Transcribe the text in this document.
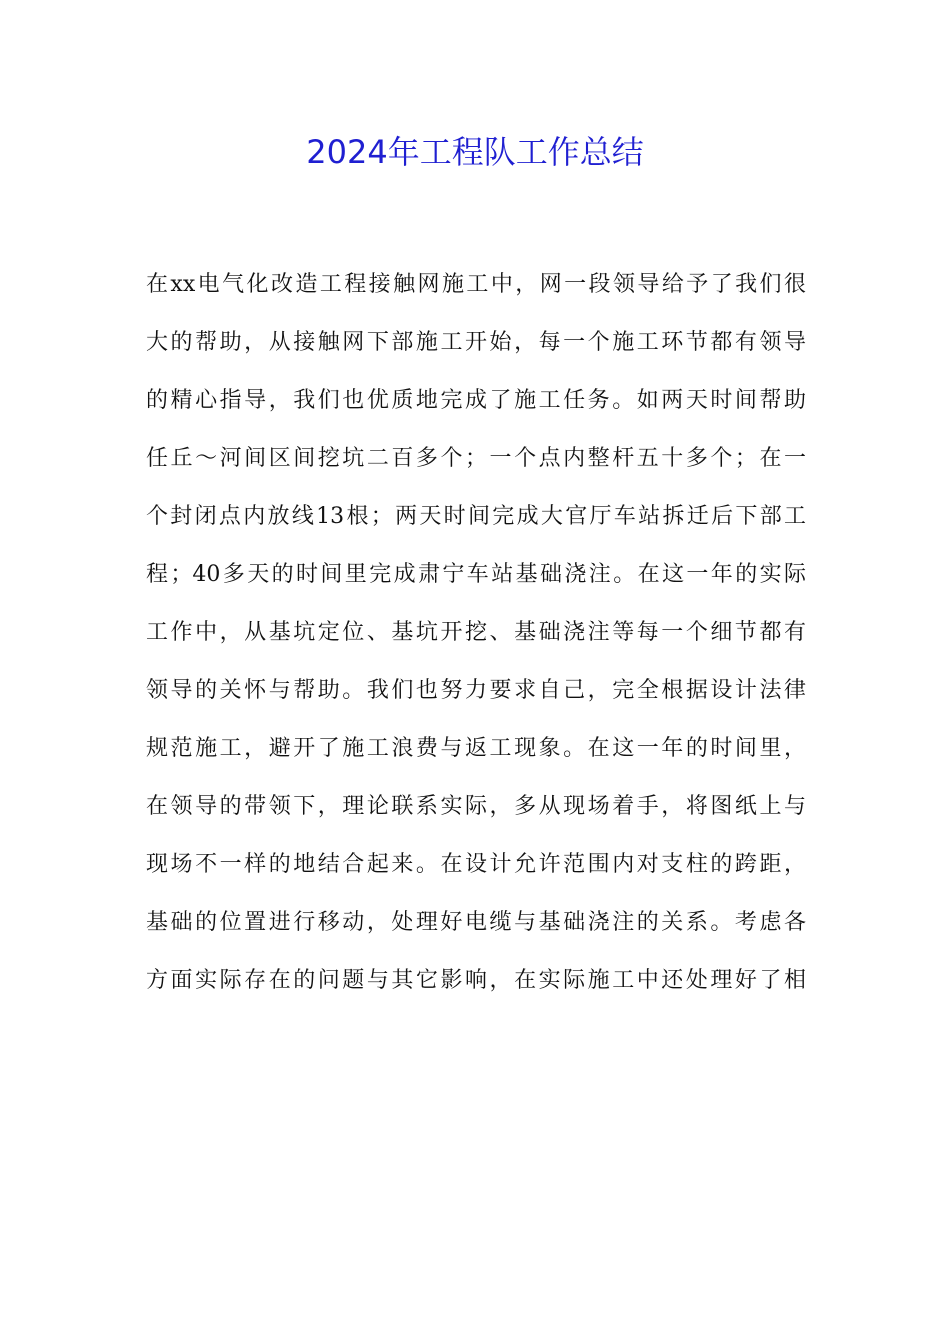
2024年工程队工作总结
在xx电气化改造工程接触网施工中，网一段领导给予了我们很
大的帮助，从接触网下部施工开始，每一个施工环节都有领导
的精心指导，我们也优质地完成了施工任务。如两天时间帮助
任丘～河间区间挖坑二百多个；一个点内整杆五十多个；在一
个封闭点内放线13根；两天时间完成大官厅车站拆迁后下部工
程；40多天的时间里完成肃宁车站基础浇注。在这一年的实际
工作中，从基坑定位、基坑开挖、基础浇注等每一个细节都有
领导的关怀与帮助。我们也努力要求自己，完全根据设计法律
规范施工，避开了施工浪费与返工现象。在这一年的时间里，
在领导的带领下，理论联系实际，多从现场着手，将图纸上与
现场不一样的地结合起来。在设计允许范围内对支柱的跨距，
基础的位置进行移动，处理好电缆与基础浇注的关系。考虑各
方面实际存在的问题与其它影响，在实际施工中还处理好了相
